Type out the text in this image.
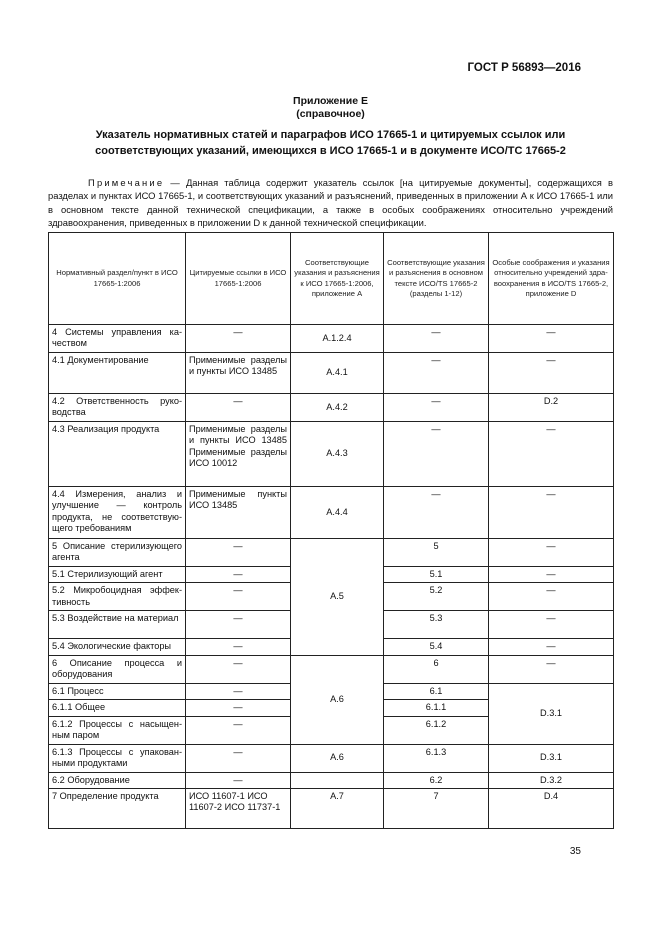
ГОСТ Р 56893—2016
Приложение Е
(справочное)
Указатель нормативных статей и параграфов ИСО 17665-1 и цитируемых ссылок или соответствующих указаний, имеющихся в ИСО 17665-1 и в документе ИСО/ТС 17665-2
Примечание — Данная таблица содержит указатель ссылок [на цитируемые документы], содержащихся в разделах и пунктах ИСО 17665-1, и соответствующих указаний и разъяснений, приведенных в приложении А к ИСО 17665-1 или в основном тексте данной технической спецификации, а также в особых соображениях относительно учреждений здравоохранения, приведенных в приложении D к данной технической спецификации.
Нормативный раздел/пункт в ИСО 17665-1:2006	Цитируемые ссылки в ИСО 17665-1:2006	Соответствующие указания и разъяснения к ИСО 17665-1:2006, приложение А	Соответствующие указания и разъяснения в основном тексте ИСО/TS 17665-2 (разделы 1-12)	Особые соображения и указания относительно учреждений здравоохранения в ИСО/TS 17665-2, приложение D
4 Системы управления качеством	—	А.1.2.4	—	—
4.1 Документирование	Применимые разделы и пункты ИСО 13485	А.4.1	—	—
4.2 Ответственность руководства	—	А.4.2	—	D.2
4.3 Реализация продукта	Применимые разделы и пункты ИСО 13485 Применимые разделы ИСО 10012	А.4.3	—	—
4.4 Измерения, анализ и улучшение — контроль продукта, не соответствующего требованиям	Применимые пункты ИСО 13485	А.4.4	—	—
5 Описание стерилизующего агента	—	А.5	5	—
5.1 Стерилизующий агент	—		5.1	—
5.2 Микробоцидная эффективность	—		5.2	—
5.3 Воздействие на материал	—		5.3	—
5.4 Экологические факторы	—		5.4	—
6 Описание процесса и оборудования	—	А.6	6	—
6.1 Процесс	—		6.1	D.3.1
6.1.1 Общее	—		6.1.1	
6.1.2 Процессы с насыщенным паром	—		6.1.2	
6.1.3 Процессы с упакованными продуктами	—	А.6	6.1.3	D.3.1
6.2 Оборудование	—		6.2	D.3.2
7 Определение продукта	ИСО 11607-1 ИСО 11607-2 ИСО 11737-1	А.7	7	D.4
35
